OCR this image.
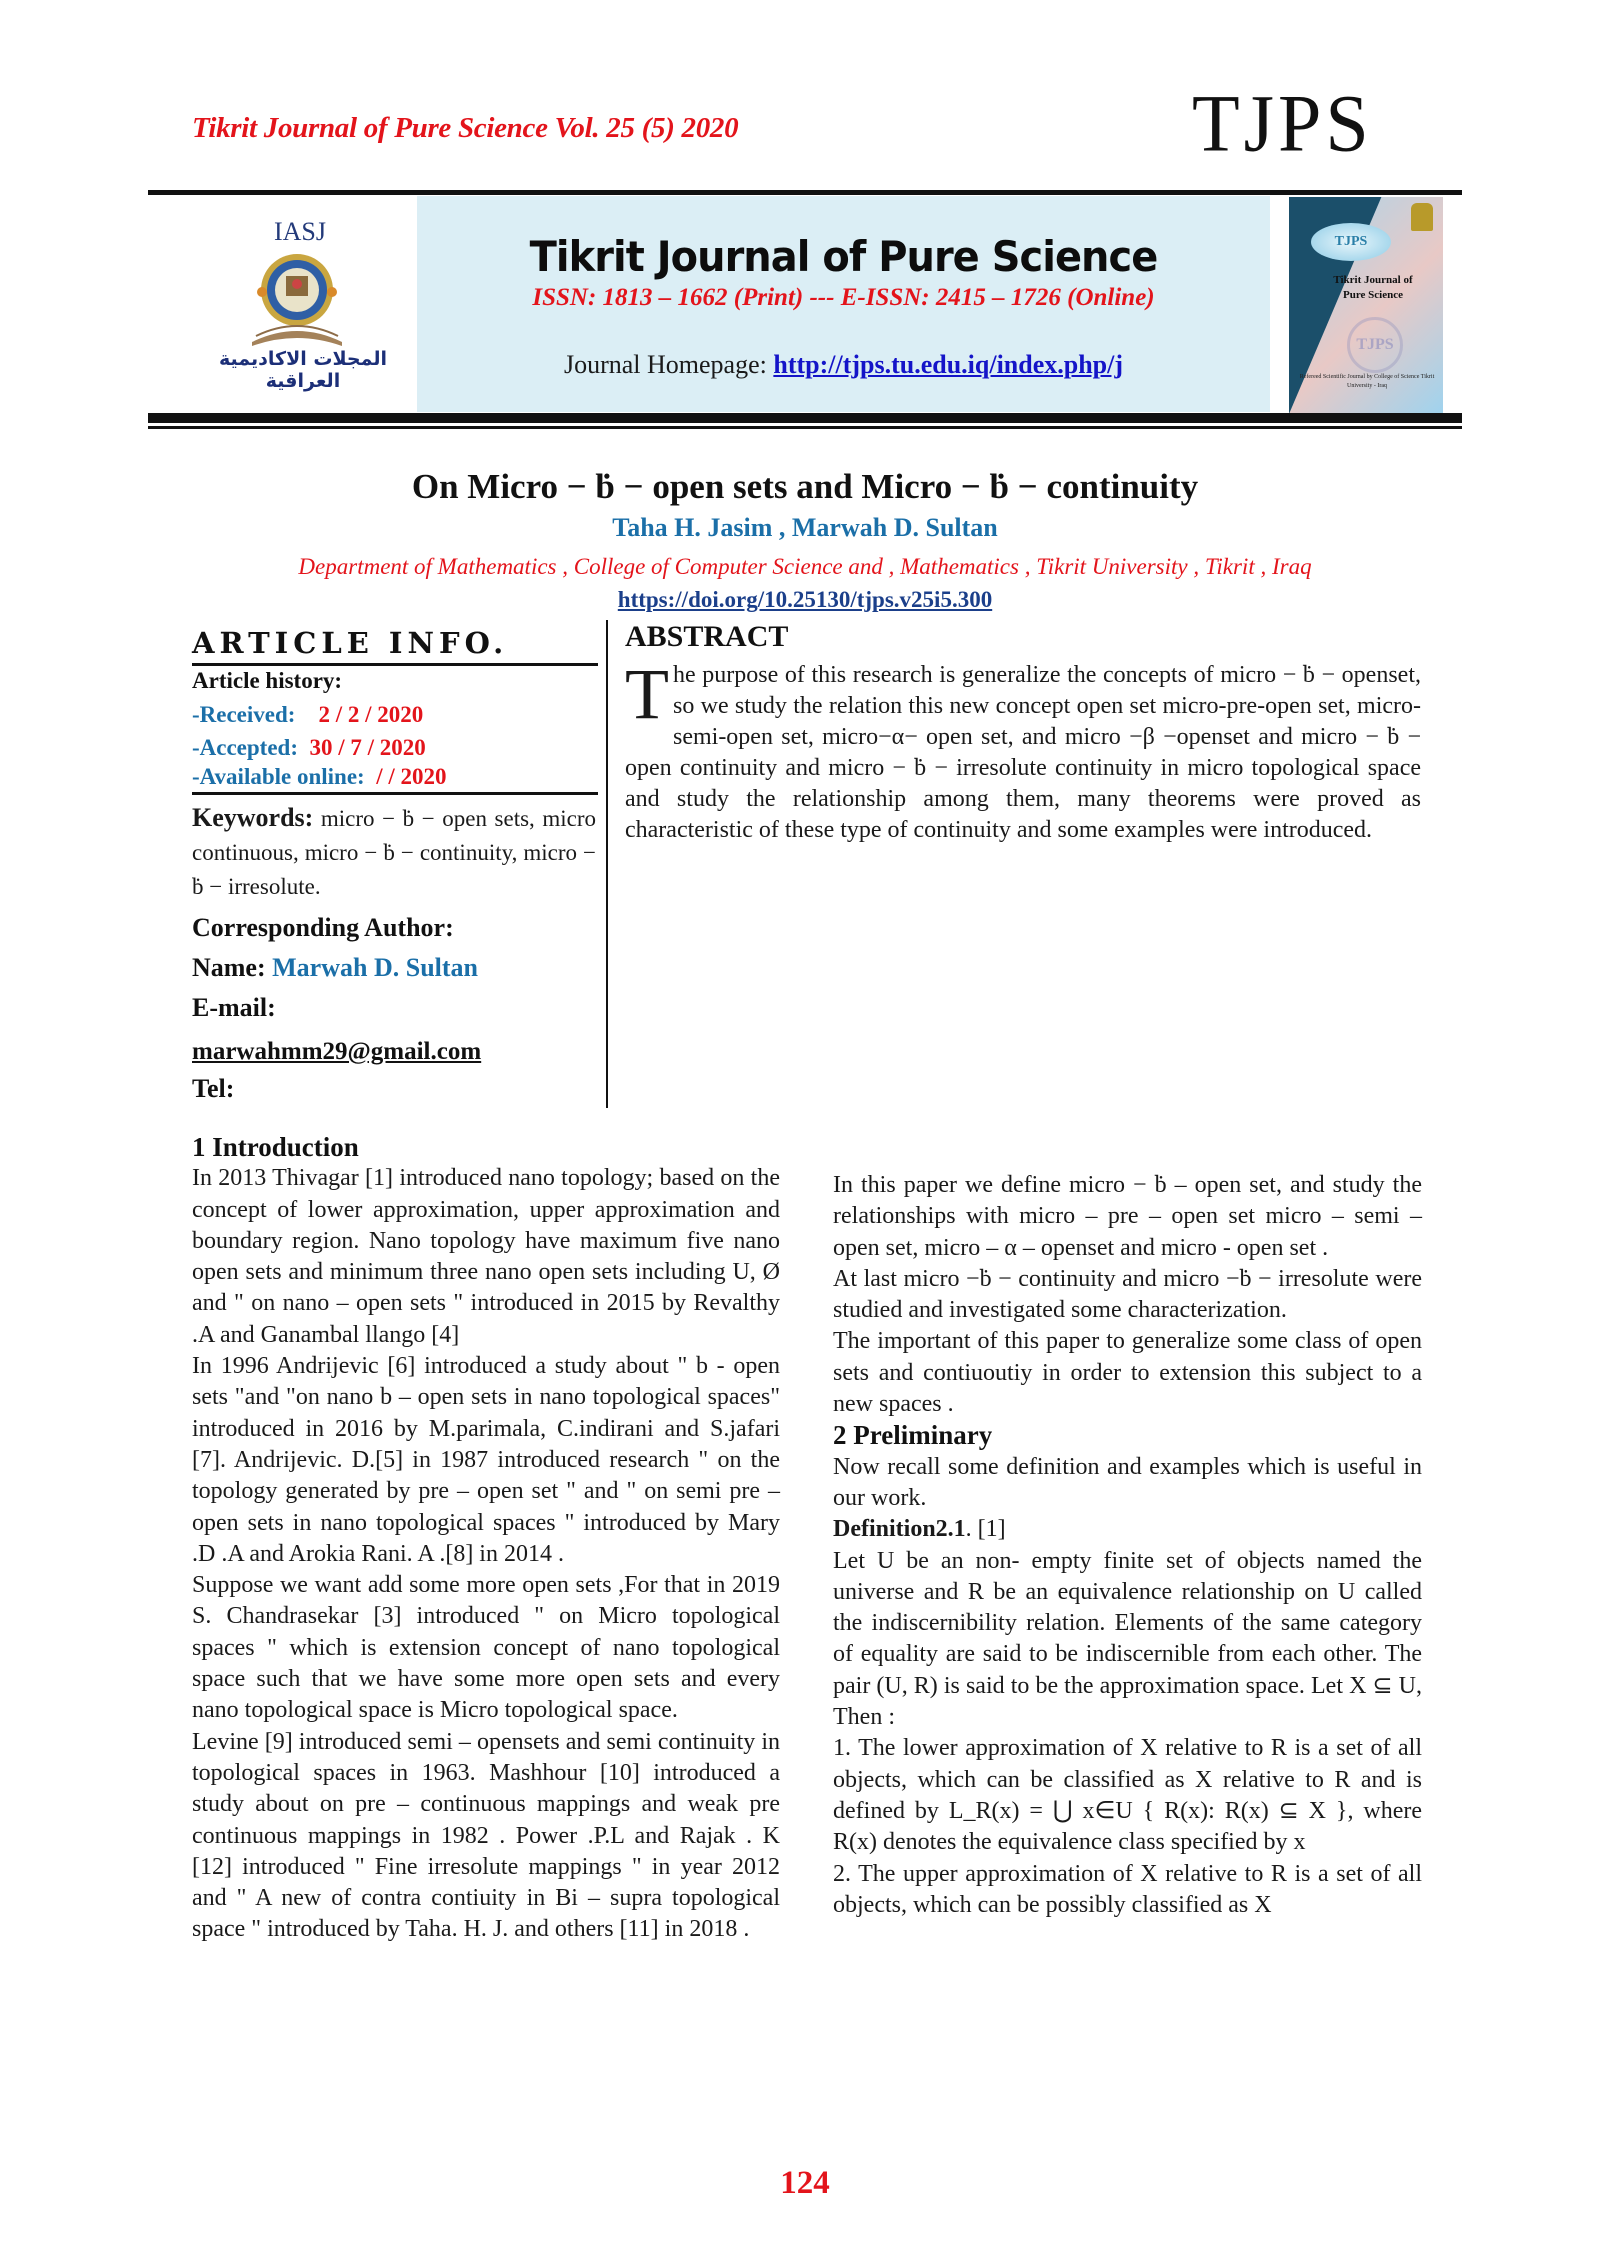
Tikrit Journal of Pure Science Vol. 25 (5) 2020	TJPS
IASJ
المجلات الاكاديمية العراقية
Tikrit Journal of Pure Science
ISSN: 1813 – 1662 (Print) --- E-ISSN: 2415 – 1726 (Online)
Journal Homepage: http://tjps.tu.edu.iq/index.php/j
TJPS
Tikrit Journal of Pure Science
TJPS
Refereed Scientific Journal by College of Science Tikrit University - Iraq
On Micro − ḃ − open sets and Micro − ḃ − continuity
Taha H. Jasim , Marwah D. Sultan
Department of Mathematics , College of Computer Science and , Mathematics , Tikrit University , Tikrit , Iraq
https://doi.org/10.25130/tjps.v25i5.300
ARTICLE INFO.
Article history:
-Received: 2 / 2 / 2020
-Accepted: 30 / 7 / 2020
-Available online: / / 2020
Keywords: micro − ḃ − open sets, micro continuous, micro − ḃ − continuity, micro − ḃ − irresolute.
Corresponding Author:
Name: Marwah D. Sultan
E-mail:
marwahmm29@gmail.com
Tel:
ABSTRACT
The purpose of this research is generalize the concepts of micro − ḃ − openset, so we study the relation this new concept open set micro-pre-open set, micro-semi-open set, micro−α− open set, and micro −β −openset and micro − ḃ − open continuity and micro − ḃ − irresolute continuity in micro topological space and study the relationship among them, many theorems were proved as characteristic of these type of continuity and some examples were introduced.
1 Introduction

In 2013 Thivagar [1] introduced nano topology; based on the concept of lower approximation, upper approximation and boundary region. Nano topology have maximum five nano open sets and minimum three nano open sets including U, Ø and " on nano – open sets " introduced in 2015 by Revalthy .A and Ganambal llango [4]

In 1996 Andrijevic [6] introduced a study about " b - open sets "and "on nano b – open sets in nano topological spaces" introduced in 2016 by M.parimala, C.indirani and S.jafari [7]. Andrijevic. D.[5] in 1987 introduced research " on the topology generated by pre – open set " and " on semi pre – open sets in nano topological spaces " introduced by Mary .D .A and Arokia Rani. A .[8] in 2014 .

Suppose we want add some more open sets ,For that in 2019 S. Chandrasekar [3] introduced " on Micro topological spaces " which is extension concept of nano topological space such that we have some more open sets and every nano topological space is Micro topological space.

Levine [9] introduced semi – opensets and semi continuity in topological spaces in 1963. Mashhour [10] introduced a study about on pre – continuous mappings and weak pre continuous mappings in 1982 . Power .P.L and Rajak . K [12] introduced " Fine irresolute mappings " in year 2012 and " A new of contra contiuity in Bi – supra topological space " introduced by Taha. H. J. and others [11] in 2018 .

In this paper we define micro − ḃ – open set, and study the relationships with micro – pre – open set micro – semi – open set, micro – α – openset and micro - open set .

At last micro −ḃ − continuity and micro −ḃ − irresolute were studied and investigated some characterization.

The important of this paper to generalize some class of open sets and contiuoutiy in order to extension this subject to a new spaces .

2 Preliminary

Now recall some definition and examples which is useful in our work.

Definition2.1. [1]

Let U be an non- empty finite set of objects named the universe and R be an equivalence relationship on U called the indiscernibility relation. Elements of the same category of equality are said to be indiscernible from each other. The pair (U, R) is said to be the approximation space. Let X ⊆ U, Then :

1. The lower approximation of X relative to R is a set of all objects, which can be classified as X relative to R and is defined by L_R(x) = ⋃ x∈U { R(x): R(x) ⊆ X }, where R(x) denotes the equivalence class specified by x

2. The upper approximation of X relative to R is a set of all objects, which can be possibly classified as X

124
